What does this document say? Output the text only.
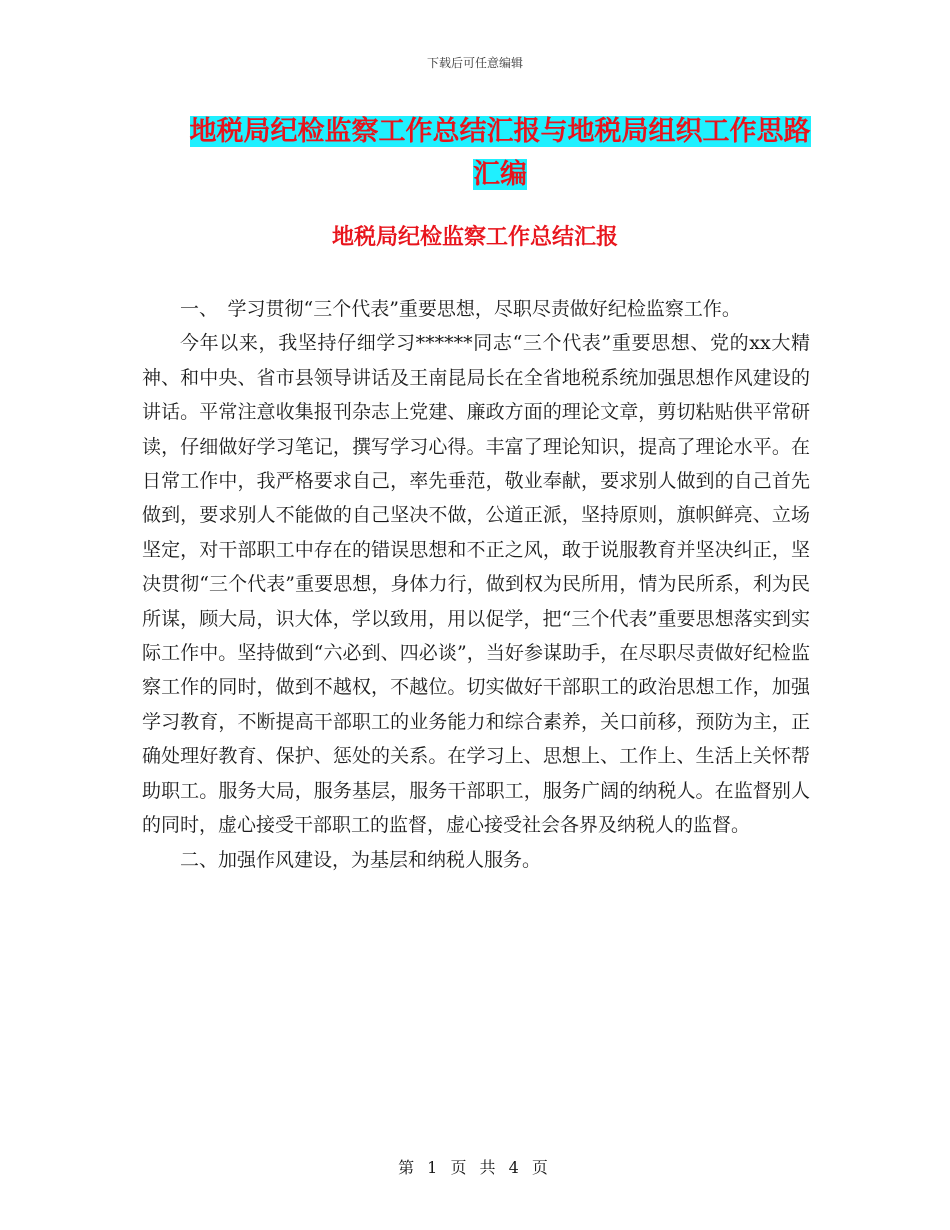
下载后可任意编辑
地税局纪检监察工作总结汇报与地税局组织工作思路
汇编
地税局纪检监察工作总结汇报

一、　学习贯彻“三个代表”重要思想，尽职尽责做好纪检监察工作。

今年以来，我坚持仔细学习******同志“三个代表”重要思想、党的xx大精神、和中央、省市县领导讲话及王南昆局长在全省地税系统加强思想作风建设的讲话。平常注意收集报刊杂志上党建、廉政方面的理论文章，剪切粘贴供平常研读，仔细做好学习笔记，撰写学习心得。丰富了理论知识，提高了理论水平。在日常工作中，我严格要求自己，率先垂范，敬业奉献，要求别人做到的自己首先做到，要求别人不能做的自己坚决不做，公道正派，坚持原则，旗帜鲜亮、立场坚定，对干部职工中存在的错误思想和不正之风，敢于说服教育并坚决纠正，坚决贯彻“三个代表”重要思想，身体力行，做到权为民所用，情为民所系，利为民所谋，顾大局，识大体，学以致用，用以促学，把“三个代表”重要思想落实到实际工作中。坚持做到“六必到、四必谈”，当好参谋助手，在尽职尽责做好纪检监察工作的同时，做到不越权，不越位。切实做好干部职工的政治思想工作，加强学习教育，不断提高干部职工的业务能力和综合素养，关口前移，预防为主，正确处理好教育、保护、惩处的关系。在学习上、思想上、工作上、生活上关怀帮助职工。服务大局，服务基层，服务干部职工，服务广阔的纳税人。在监督别人的同时，虚心接受干部职工的监督，虚心接受社会各界及纳税人的监督。

二、加强作风建设，为基层和纳税人服务。

第 1 页 共 4 页
